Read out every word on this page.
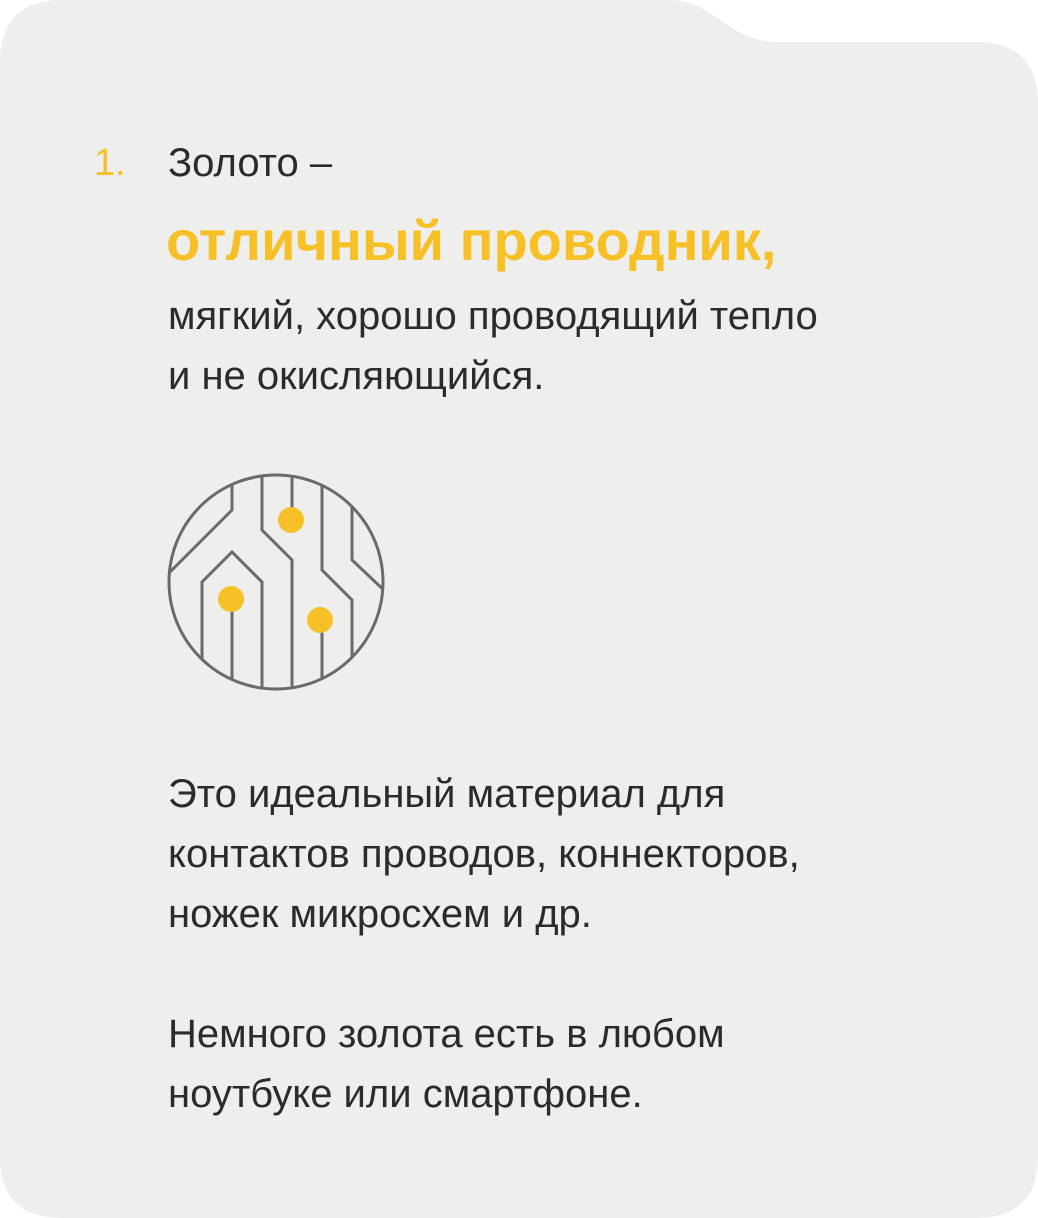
1. Золото –
отличный проводник,
мягкий, хорошо проводящий тепло
и не окисляющийся.
Это идеальный материал для
контактов проводов, коннекторов,
ножек микросхем и др.
Немного золота есть в любом
ноутбуке или смартфоне.
